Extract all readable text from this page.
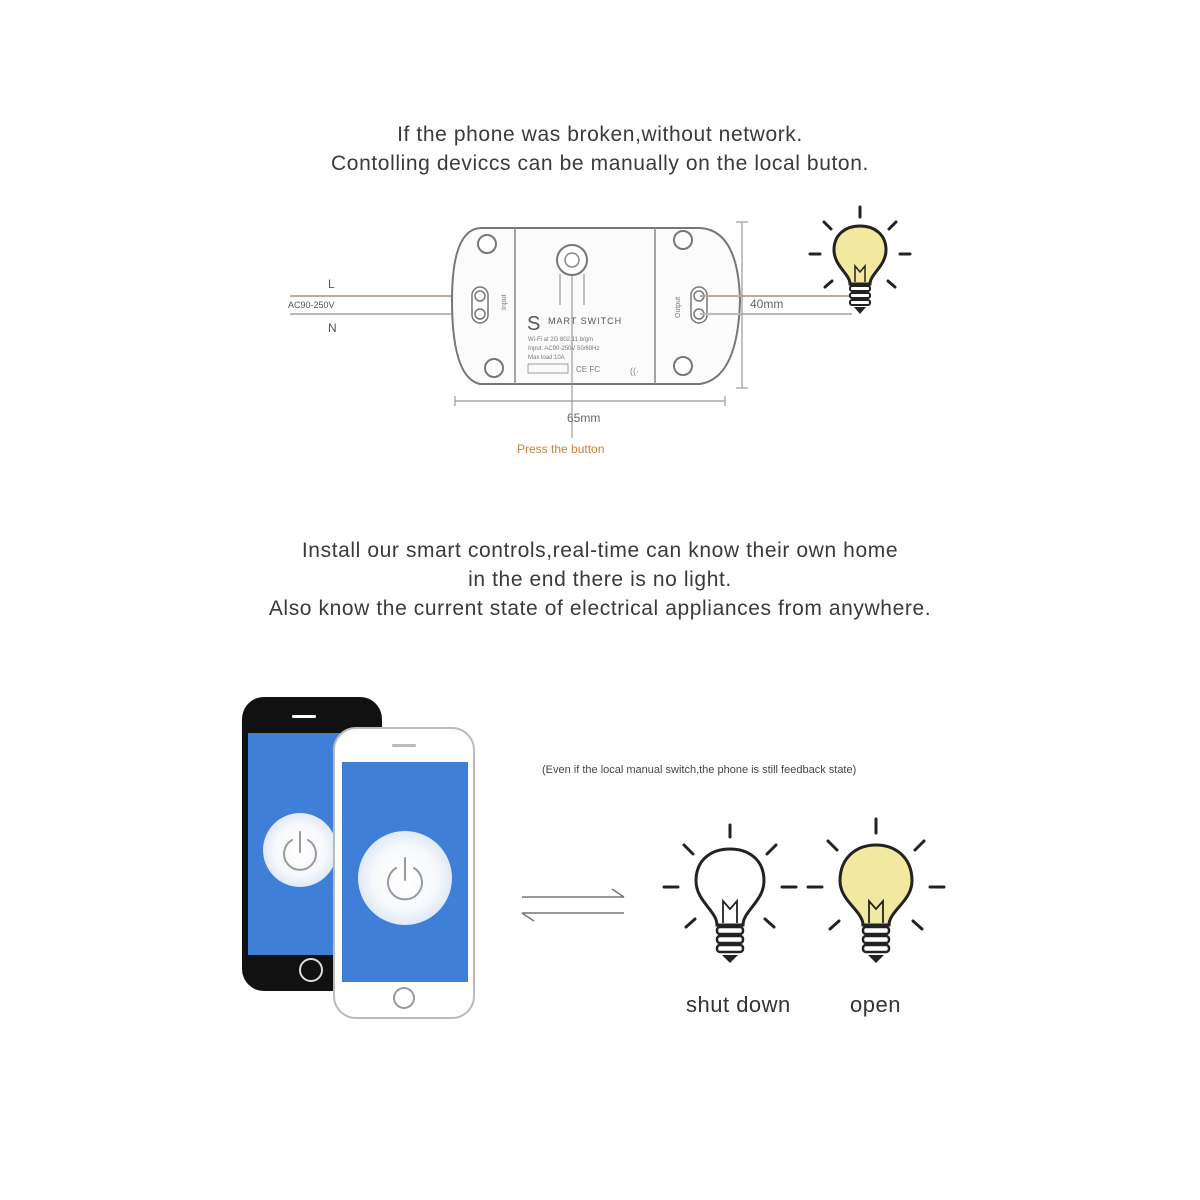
If the phone was broken,without network.
Contolling deviccs can be manually on the local buton.
L
AC90-250V
N
Input	Output
S MART SWITCH
Wi-Fi at 2G 802.11 b/g/n
Input: AC90-250V 50/60Hz
Max load:10A
CE FC	((·
40mm
65mm
Press the button
Install our smart controls,real-time can know their own home
in the end there is no light.
Also know the current state of electrical appliances from anywhere.
(Even if the local manual switch,the phone is still feedback state)
shut down	open
